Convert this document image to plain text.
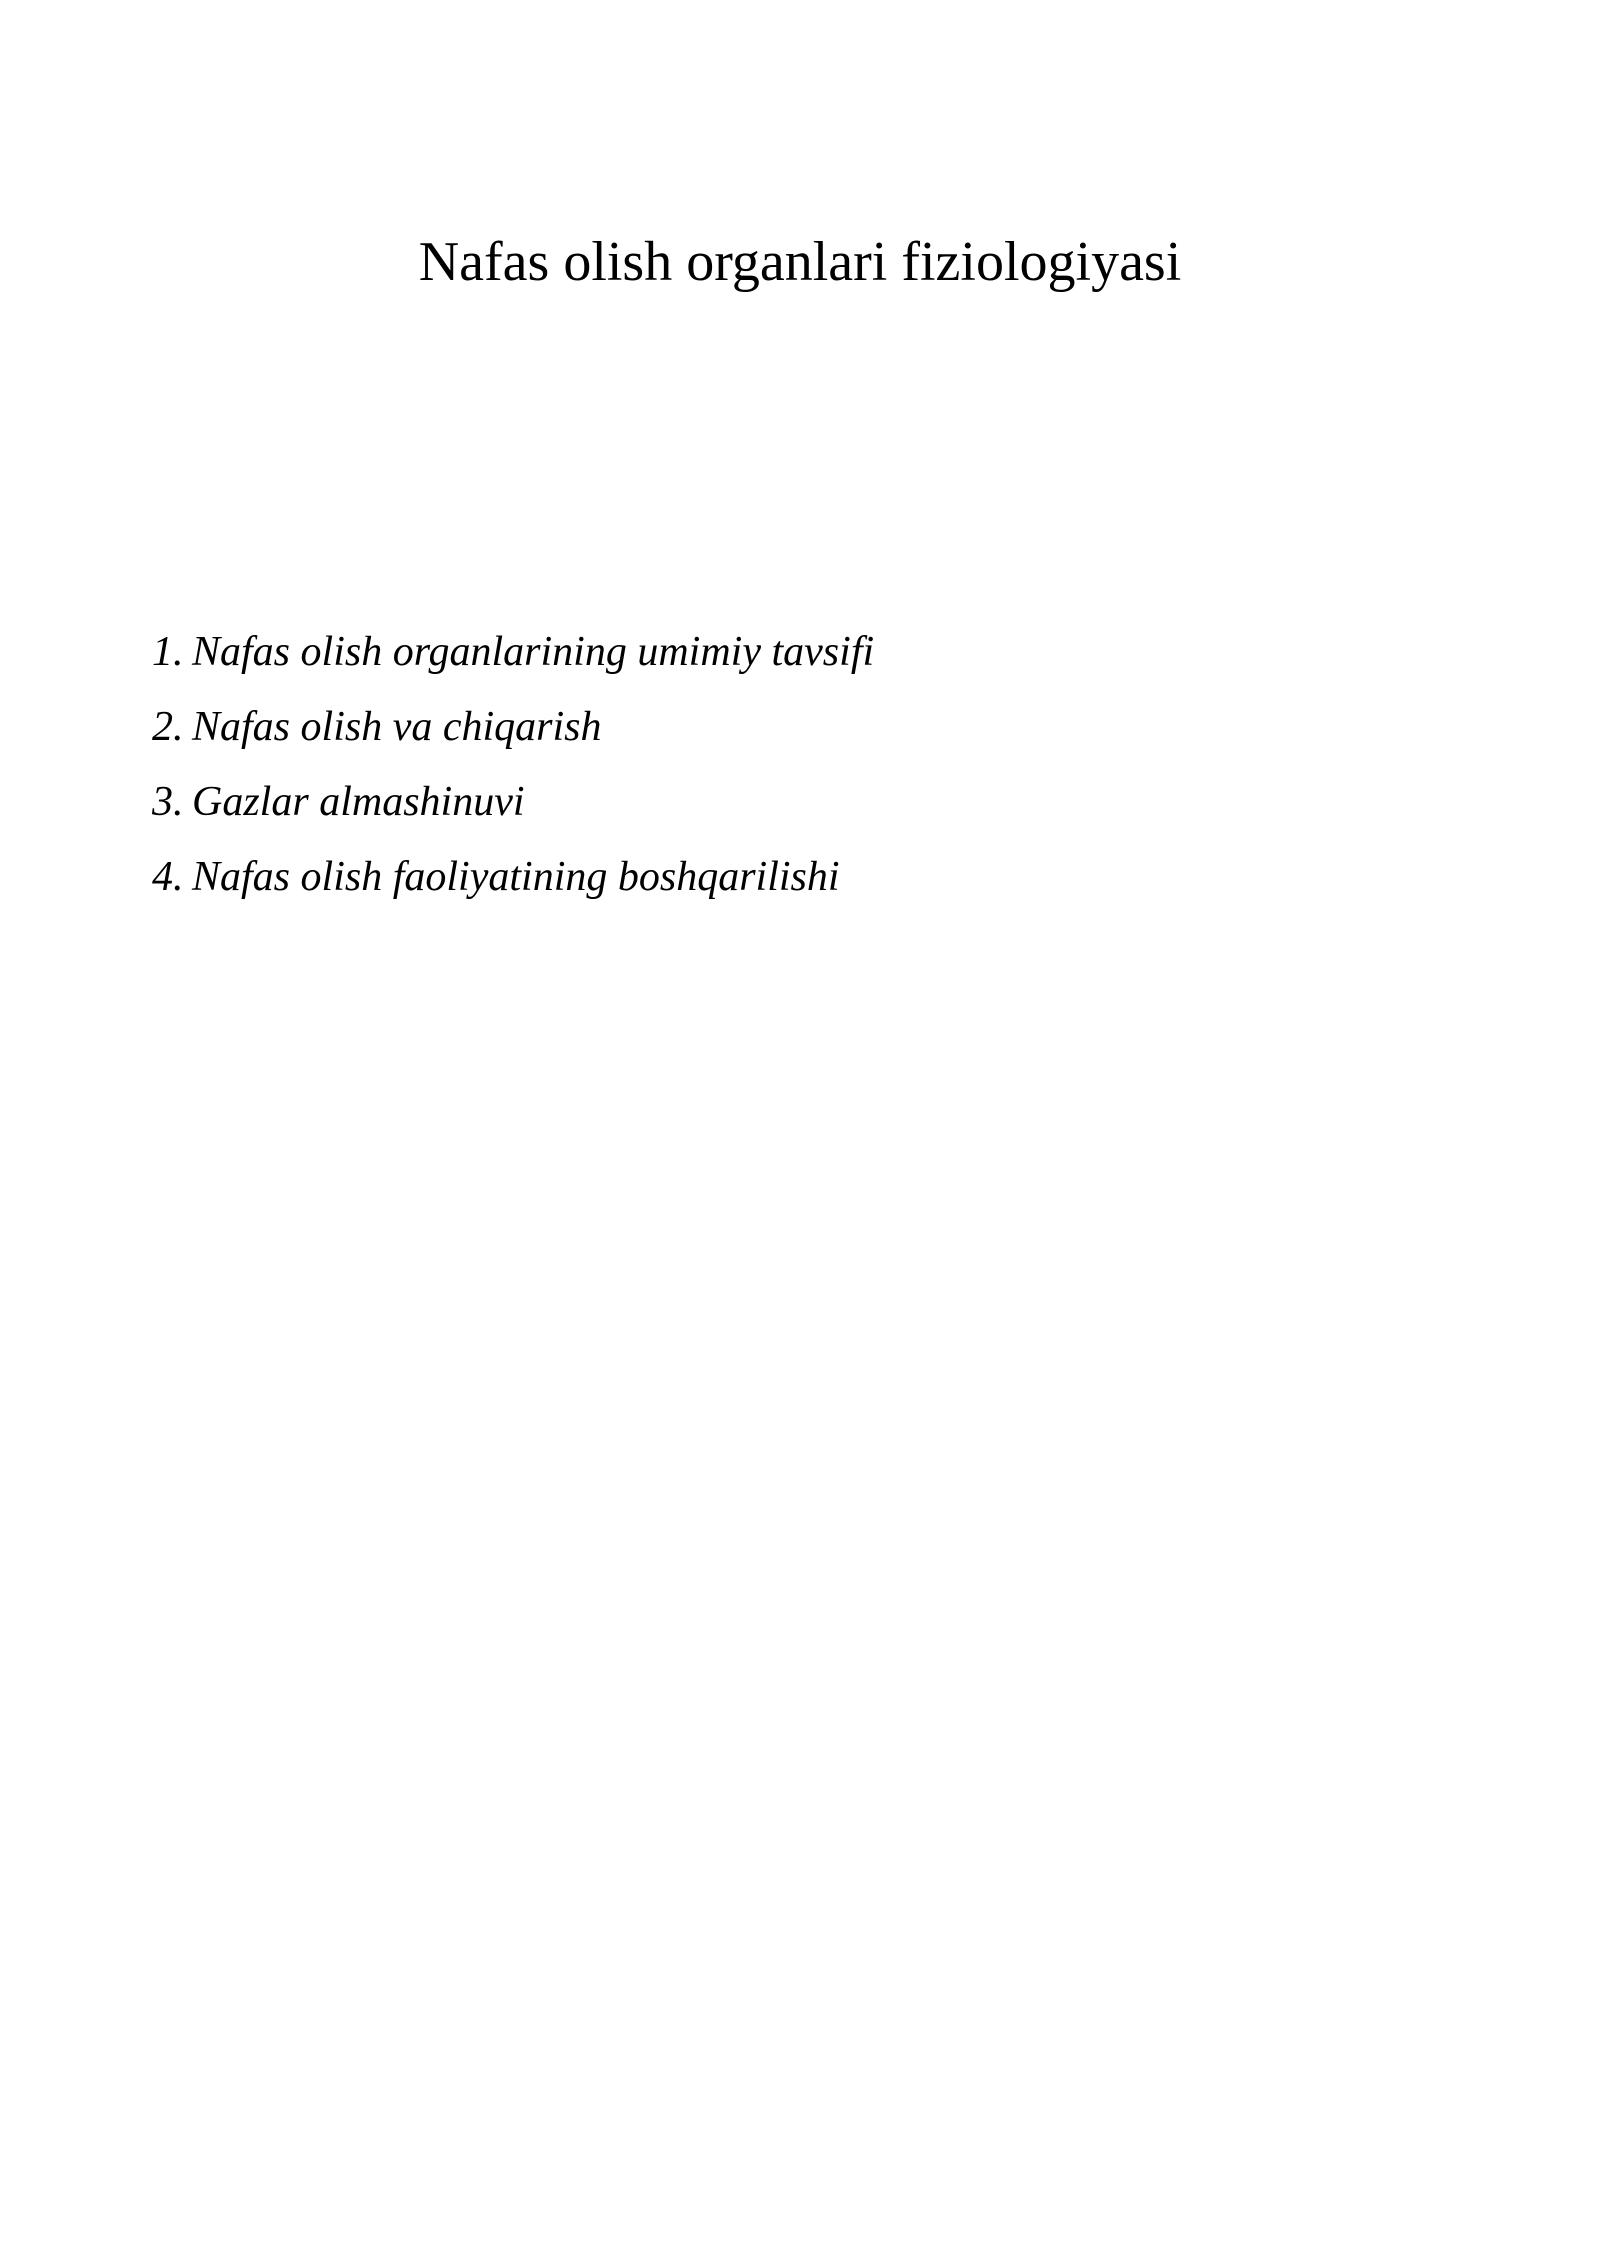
Nafas olish organlari fiziologiyasi
1. Nafas olish organlarining umimiy tavsifi
2. Nafas olish va chiqarish
3. Gazlar almashinuvi
4. Nafas olish faoliyatining boshqarilishi
